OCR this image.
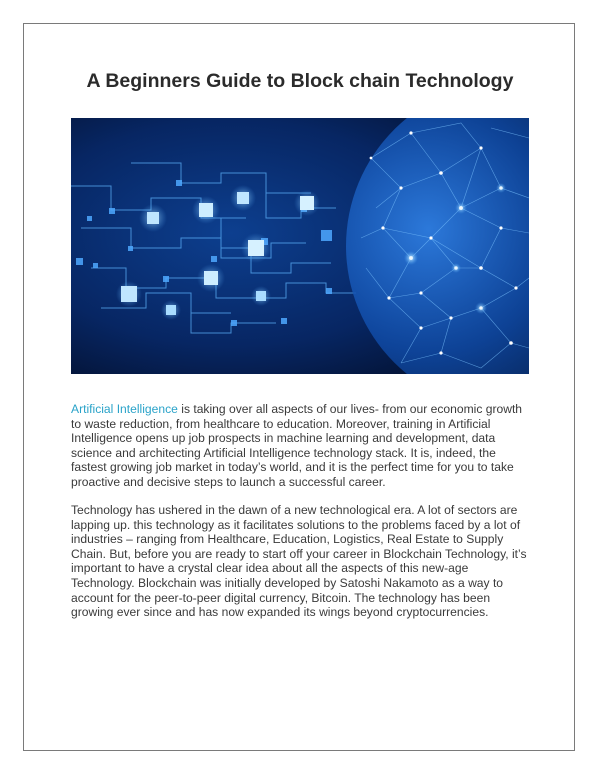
A Beginners Guide to Block chain Technology

Artificial Intelligence is taking over all aspects of our lives- from our economic growth to waste reduction, from healthcare to education. Moreover, training in Artificial Intelligence opens up job prospects in machine learning and development, data science and architecting Artificial Intelligence technology stack. It is, indeed, the fastest growing job market in today’s world, and it is the perfect time for you to take proactive and decisive steps to launch a successful career.

Technology has ushered in the dawn of a new technological era. A lot of sectors are lapping up. this technology as it facilitates solutions to the problems faced by a lot of industries – ranging from Healthcare, Education, Logistics, Real Estate to Supply Chain. But, before you are ready to start off your career in Blockchain Technology, it’s important to have a crystal clear idea about all the aspects of this new-age Technology. Blockchain was initially developed by Satoshi Nakamoto as a way to account for the peer-to-peer digital currency, Bitcoin. The technology has been growing ever since and has now expanded its wings beyond cryptocurrencies.
